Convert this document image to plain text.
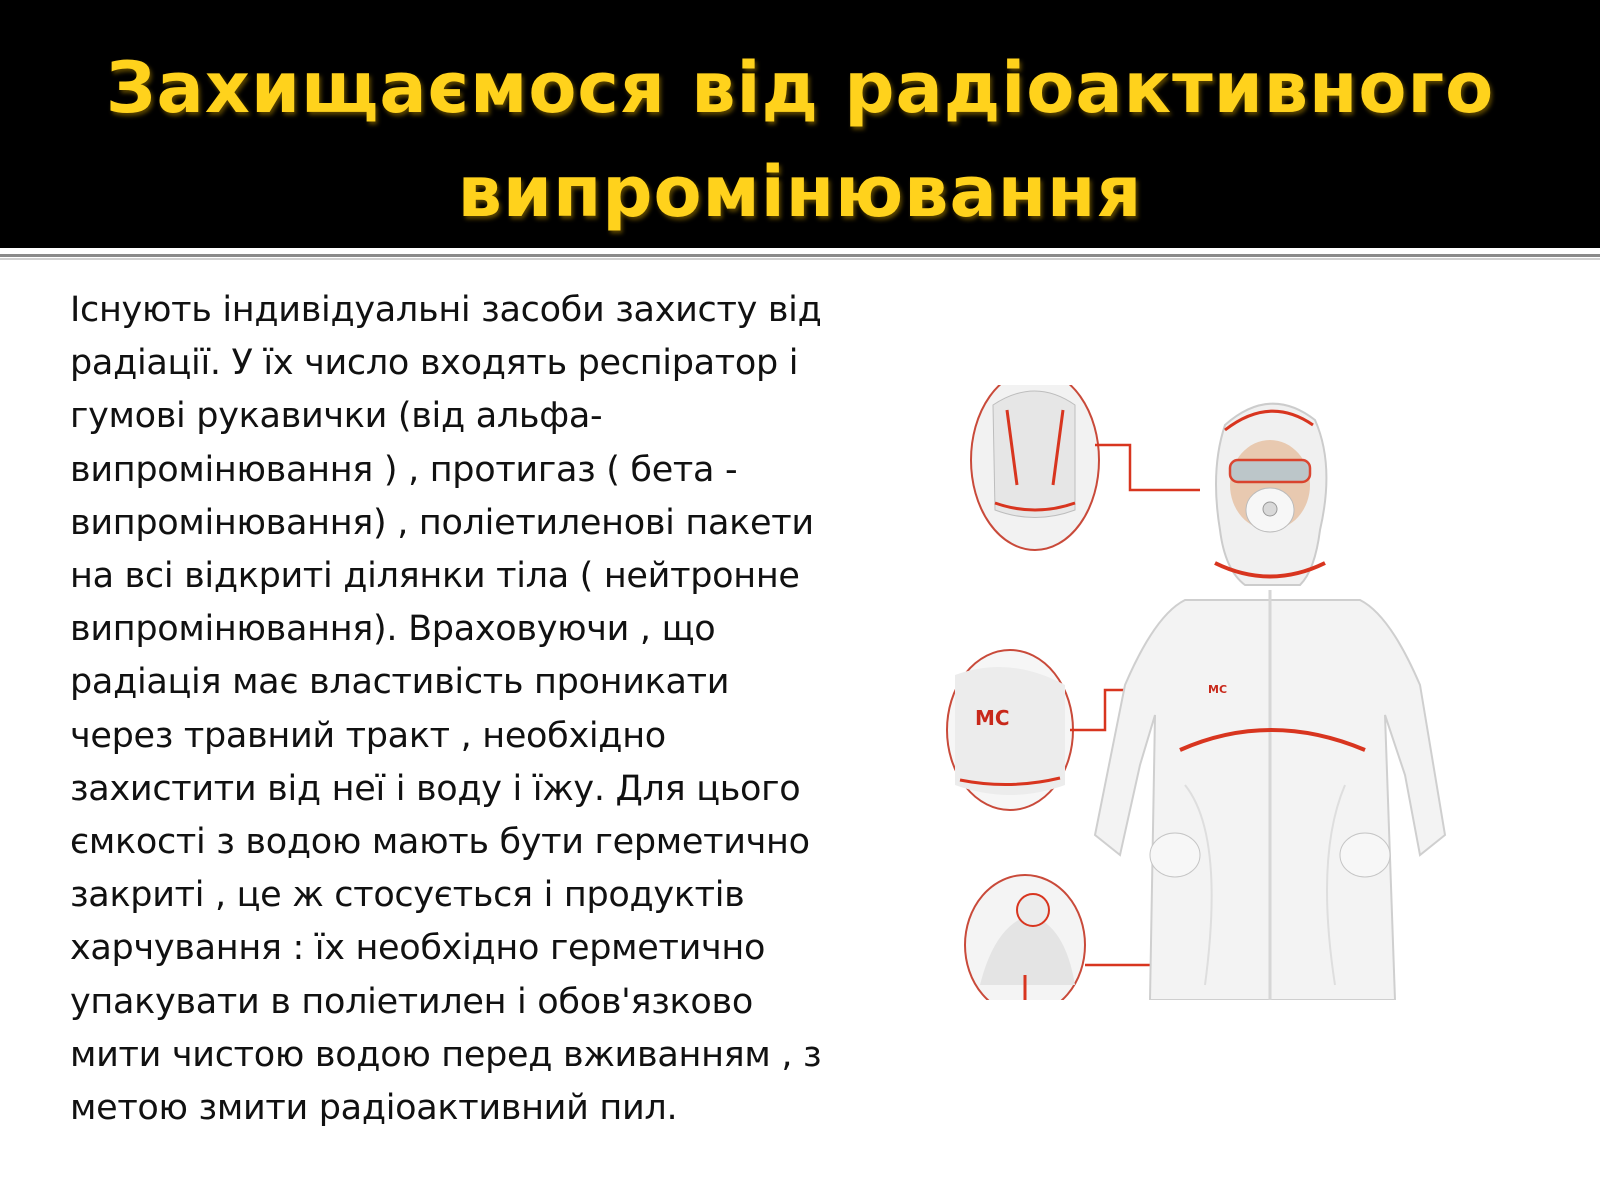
Захищаємося від радіоактивного
випромінювання
Існують індивідуальні засоби захисту від
радіації. У їх число входять респіратор і
гумові рукавички (від альфа-
випромінювання ) , протигаз ( бета -
випромінювання) , поліетиленові пакети
на всі відкриті ділянки тіла ( нейтронне
випромінювання). Враховуючи , що
радіація має властивість проникати
через травний тракт , необхідно
захистити від неї і воду і їжу. Для цього
ємкості з водою мають бути герметично
закриті , це ж стосується і продуктів
харчування : їх необхідно герметично
упакувати в поліетилен і обов'язково
мити чистою водою перед вживанням , з
метою змити радіоактивний пил.
MC
MC
